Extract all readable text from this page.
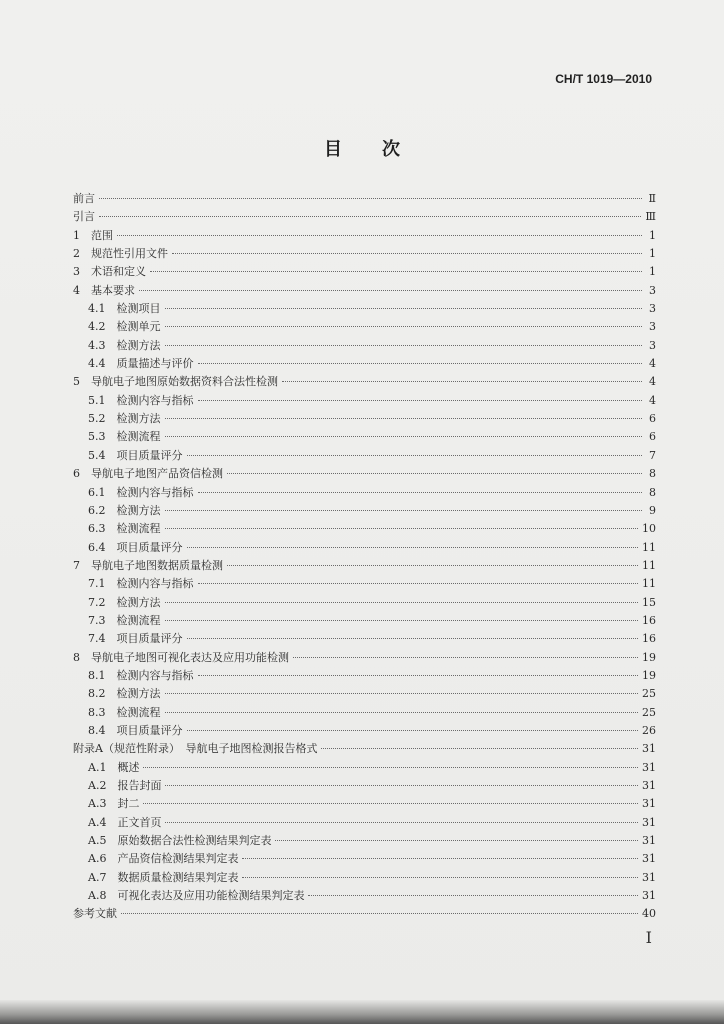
CH/T 1019—2010
目次
前言	Ⅱ
引言	Ⅲ
1　范围	1
2　规范性引用文件	1
3　术语和定义	1
4　基本要求	3
4.1　检测项目	3
4.2　检测单元	3
4.3　检测方法	3
4.4　质量描述与评价	4
5　导航电子地图原始数据资料合法性检测	4
5.1　检测内容与指标	4
5.2　检测方法	6
5.3　检测流程	6
5.4　项目质量评分	7
6　导航电子地图产品资信检测	8
6.1　检测内容与指标	8
6.2　检测方法	9
6.3　检测流程	10
6.4　项目质量评分	11
7　导航电子地图数据质量检测	11
7.1　检测内容与指标	11
7.2　检测方法	15
7.3　检测流程	16
7.4　项目质量评分	16
8　导航电子地图可视化表达及应用功能检测	19
8.1　检测内容与指标	19
8.2　检测方法	25
8.3　检测流程	25
8.4　项目质量评分	26
附录A（规范性附录）　导航电子地图检测报告格式	31
A.1　概述	31
A.2　报告封面	31
A.3　封二	31
A.4　正文首页	31
A.5　原始数据合法性检测结果判定表	31
A.6　产品资信检测结果判定表	31
A.7　数据质量检测结果判定表	31
A.8　可视化表达及应用功能检测结果判定表	31
参考文献	40
Ⅰ
